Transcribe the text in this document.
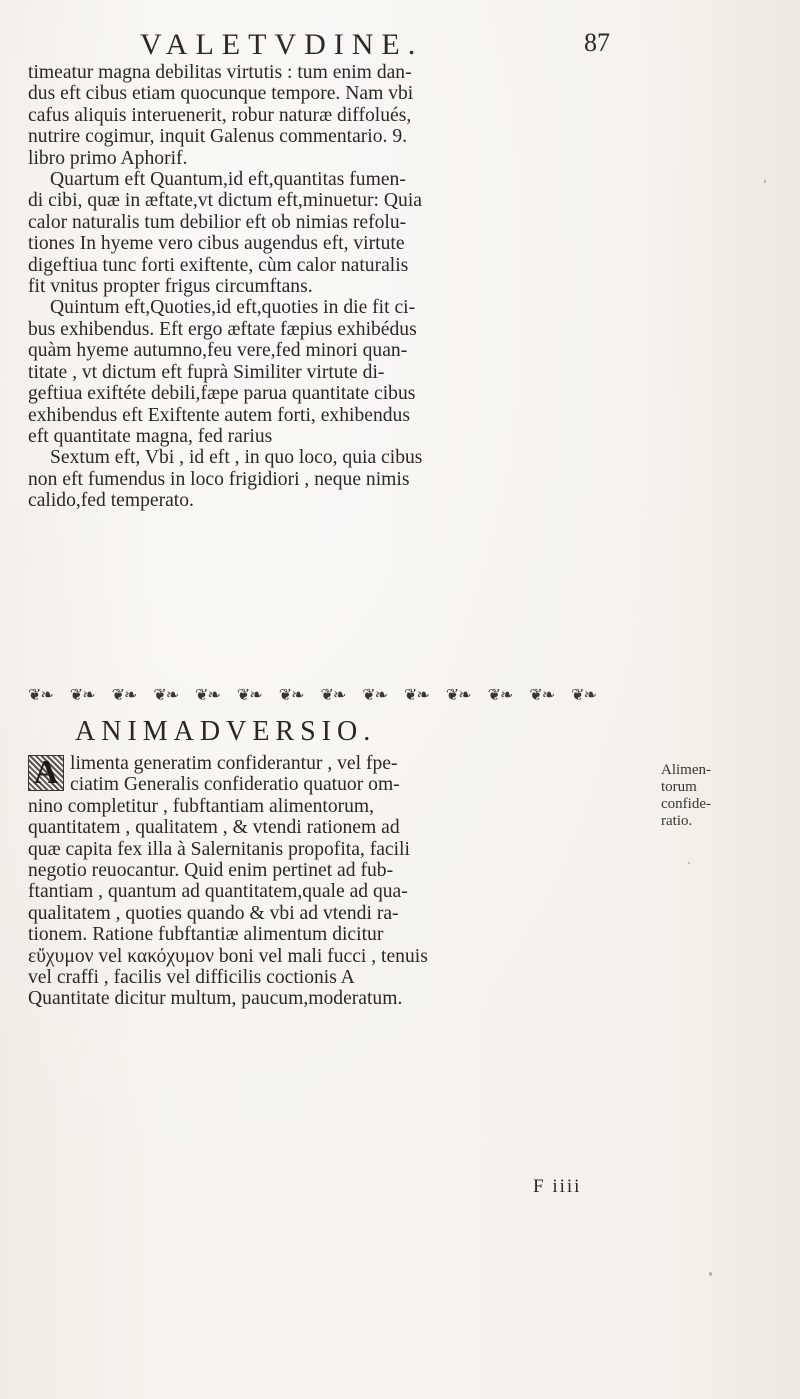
VALETVDINE.	87

timeatur magna debilitas virtutis : tum enim dan-

dus eft cibus etiam quocunque tempore. Nam vbi

cafus aliquis interuenerit, robur naturæ diffolués,

nutrire cogimur, inquit Galenus commentario. 9.

libro primo Aphorif.

Quartum eft Quantum,id eft,quantitas fumen-

di cibi, quæ in æftate,vt dictum eft,minuetur: Quia

calor naturalis tum debilior eft ob nimias refolu-

tiones In hyeme vero cibus augendus eft, virtute

digeftiua tunc forti exiftente, cùm calor naturalis

fit vnitus propter frigus circumftans.

Quintum eft,Quoties,id eft,quoties in die fit ci-

bus exhibendus. Eft ergo æftate fæpius exhibédus

quàm hyeme autumno,feu vere,fed minori quan-

titate , vt dictum eft fuprà Similiter virtute di-

geftiua exiftéte debili,fæpe parua quantitate cibus

exhibendus eft Exiftente autem forti, exhibendus

eft quantitate magna, fed rarius

Sextum eft, Vbi , id eft , in quo loco, quia cibus

non eft fumendus in loco frigidiori , neque nimis

calido,fed temperato.

❦❧ ❦❧ ❦❧ ❦❧ ❦❧ ❦❧ ❦❧ ❦❧ ❦❧ ❦❧ ❦❧ ❦❧ ❦❧ ❦❧
ANIMADVERSIO.
A limenta generatim confiderantur , vel fpe-

ciatim Generalis confideratio quatuor om-

nino completitur , fubftantiam alimentorum,

quantitatem , qualitatem , & vtendi rationem ad

quæ capita fex illa à Salernitanis propofita, facili

negotio reuocantur. Quid enim pertinet ad fub-

ftantiam , quantum ad quantitatem,quale ad qua-

qualitatem , quoties quando & vbi ad vtendi ra-

tionem. Ratione fubftantiæ alimentum dicitur

εὔχυμον vel κακόχυμον boni vel mali fucci , tenuis

vel craffi , facilis vel difficilis coctionis A

Quantitate dicitur multum, paucum,moderatum.

Alimen-
torum
confide-
ratio.
F iiii
